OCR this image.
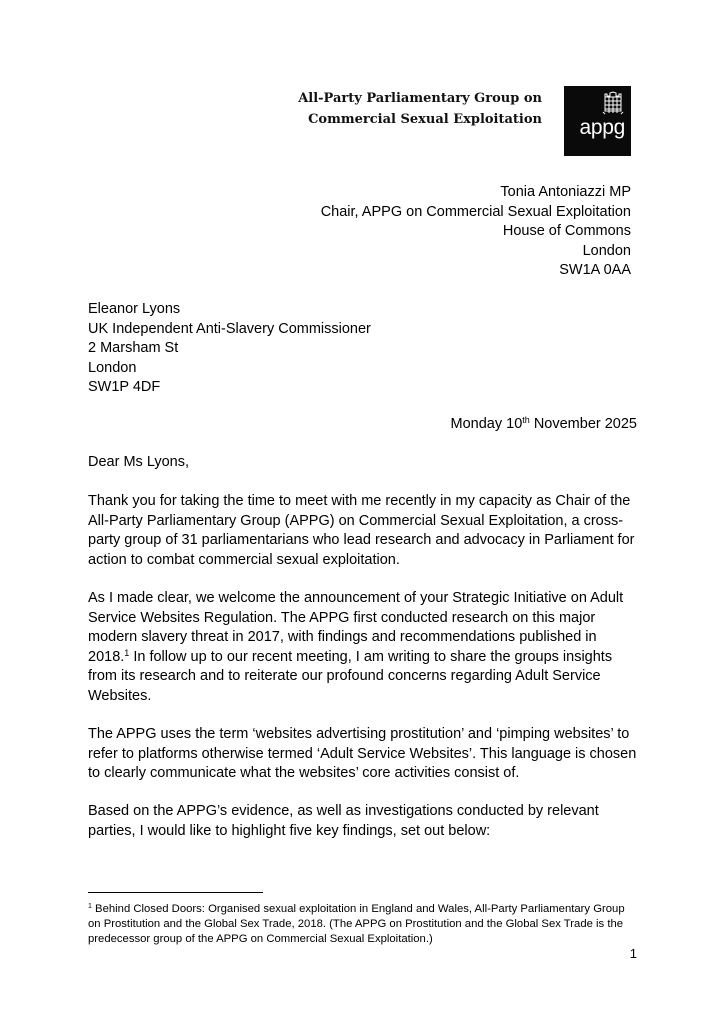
All-Party Parliamentary Group on
Commercial Sexual Exploitation	appg
Tonia Antoniazzi MP
Chair, APPG on Commercial Sexual Exploitation
House of Commons
London
SW1A 0AA
Eleanor Lyons
UK Independent Anti-Slavery Commissioner
2 Marsham St
London
SW1P 4DF
Monday 10th November 2025

Dear Ms Lyons,

Thank you for taking the time to meet with me recently in my capacity as Chair of the All-Party Parliamentary Group (APPG) on Commercial Sexual Exploitation, a cross-party group of 31 parliamentarians who lead research and advocacy in Parliament for action to combat commercial sexual exploitation.

As I made clear, we welcome the announcement of your Strategic Initiative on Adult Service Websites Regulation. The APPG first conducted research on this major modern slavery threat in 2017, with findings and recommendations published in 2018.$^1$ In follow up to our recent meeting, I am writing to share the groups insights from its research and to reiterate our profound concerns regarding Adult Service Websites.

The APPG uses the term ‘websites advertising prostitution’ and ‘pimping websites’ to refer to platforms otherwise termed ‘Adult Service Websites’. This language is chosen to clearly communicate what the websites’ core activities consist of.

Based on the APPG’s evidence, as well as investigations conducted by relevant parties, I would like to highlight five key findings, set out below:

$^1$ Behind Closed Doors: Organised sexual exploitation in England and Wales, All-Party Parliamentary Group on Prostitution and the Global Sex Trade, 2018. (The APPG on Prostitution and the Global Sex Trade is the predecessor group of the APPG on Commercial Sexual Exploitation.)
1
